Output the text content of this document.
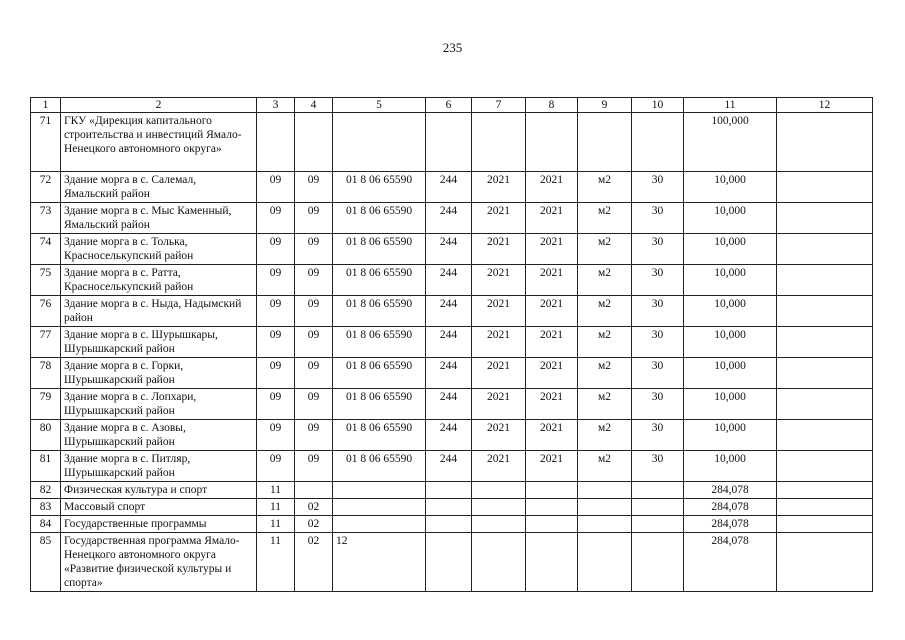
235
1	2	3	4	5	6	7	8	9	10	11	12
71	ГКУ «Дирекция капитального строительства и инвестиций Ямало-Ненецкого автономного округа»									100,000	
72	Здание морга в с. Салемал, Ямальский район	09	09	01 8 06 65590	244	2021	2021	м2	30	10,000	
73	Здание морга в с. Мыс Каменный, Ямальский район	09	09	01 8 06 65590	244	2021	2021	м2	30	10,000	
74	Здание морга в с. Толька, Красноселькупский район	09	09	01 8 06 65590	244	2021	2021	м2	30	10,000	
75	Здание морга в с. Ратта, Красноселькупский район	09	09	01 8 06 65590	244	2021	2021	м2	30	10,000	
76	Здание морга в с. Ныда, Надымский район	09	09	01 8 06 65590	244	2021	2021	м2	30	10,000	
77	Здание морга в с. Шурышкары, Шурышкарский район	09	09	01 8 06 65590	244	2021	2021	м2	30	10,000	
78	Здание морга в с. Горки, Шурышкарский район	09	09	01 8 06 65590	244	2021	2021	м2	30	10,000	
79	Здание морга в с. Лопхари, Шурышкарский район	09	09	01 8 06 65590	244	2021	2021	м2	30	10,000	
80	Здание морга в с. Азовы, Шурышкарский район	09	09	01 8 06 65590	244	2021	2021	м2	30	10,000	
81	Здание морга в с. Питляр, Шурышкарский район	09	09	01 8 06 65590	244	2021	2021	м2	30	10,000	
82	Физическая культура и спорт	11								284,078	
83	Массовый спорт	11	02							284,078	
84	Государственные программы	11	02							284,078	
85	Государственная программа Ямало-Ненецкого автономного округа «Развитие физической культуры и спорта»	11	02	12						284,078	
